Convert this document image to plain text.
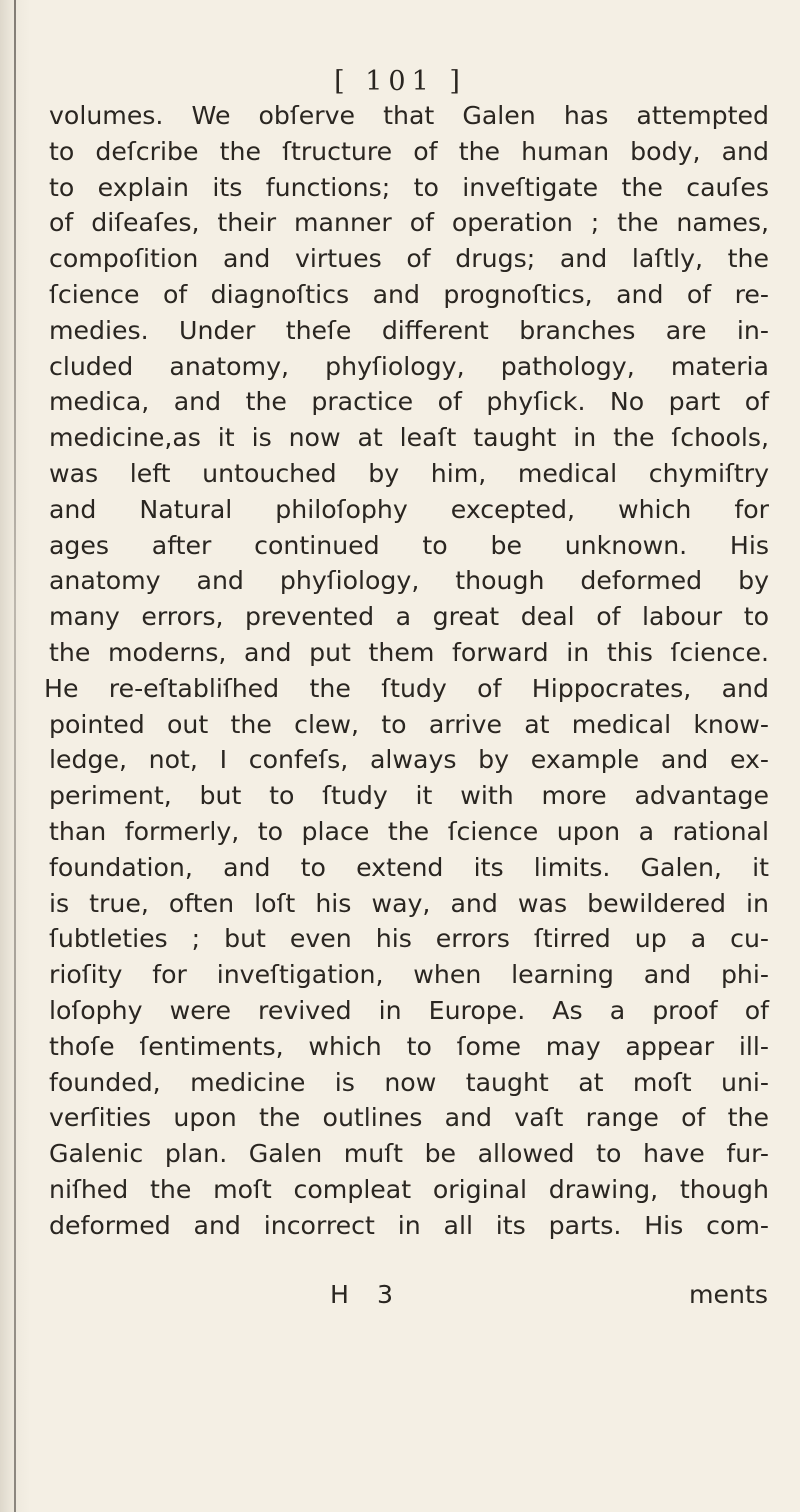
[ 101 ]
volumes. We obſerve that Galen has attempted
to deſcribe the ſtructure of the human body, and
to explain its functions; to inveſtigate the cauſes
of diſeaſes, their manner of operation ; the names,
compoſition and virtues of drugs; and laſtly, the
ſcience of diagnoſtics and prognoſtics, and of re-
medies. Under theſe different branches are in-
cluded anatomy, phyſiology, pathology, materia
medica, and the practice of phyſick. No part of
medicine,as it is now at leaſt taught in the ſchools,
was left untouched by him, medical chymiſtry
and Natural philoſophy excepted, which for
ages after continued to be unknown. His
anatomy and phyſiology, though deformed by
many errors, prevented a great deal of labour to
the moderns, and put them forward in this ſcience.
He re-eſtabliſhed the ſtudy of Hippocrates, and
pointed out the clew, to arrive at medical know-
ledge, not, I confeſs, always by example and ex-
periment, but to ſtudy it with more advantage
than formerly, to place the ſcience upon a rational
foundation, and to extend its limits. Galen, it
is true, often loſt his way, and was bewildered in
ſubtleties ; but even his errors ſtirred up a cu-
rioſity for inveſtigation, when learning and phi-
loſophy were revived in Europe. As a proof of
thoſe ſentiments, which to ſome may appear ill-
founded, medicine is now taught at moſt uni-
verſities upon the outlines and vaſt range of the
Galenic plan. Galen muſt be allowed to have fur-
niſhed the moſt compleat original drawing, though
deformed and incorrect in all its parts. His com-
H 3	ments
